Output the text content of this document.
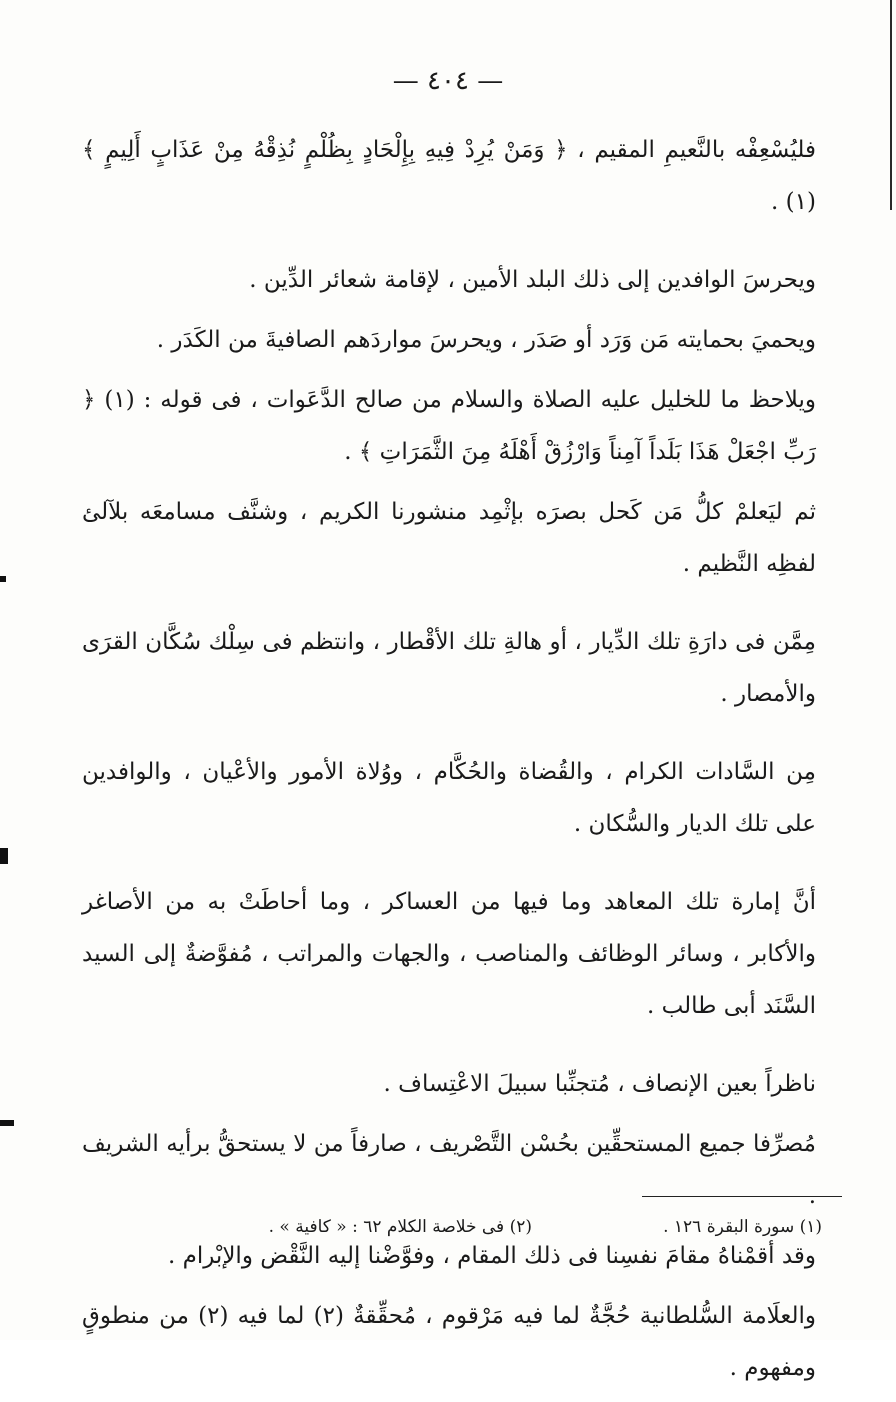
— ٤٠٤ —

فليُسْعِفْه بالنَّعيمِ المقيم ، ﴿ وَمَنْ يُرِدْ فِيهِ بِإِلْحَادٍ بِظُلْمٍ نُذِقْهُ مِنْ عَذَابٍ أَلِيمٍ ﴾ (١) .

ويحرسَ الوافدين إلى ذلك البلد الأمين ، لإقامة شعائر الدِّين .

ويحميَ بحمايته مَن وَرَد أو صَدَر ، ويحرسَ مواردَهم الصافيةَ من الكَدَر .

ويلاحظ ما للخليل عليه الصلاة والسلام من صالح الدَّعَوات ، فى قوله : (١) ﴿ رَبِّ اجْعَلْ هَذَا بَلَداً آمِناً وَارْزُقْ أَهْلَهُ مِنَ الثَّمَرَاتِ ﴾ .

ثم ليَعلمْ كلُّ مَن كَحل بصرَه بإثْمِد منشورنا الكريم ، وشنَّف مسامعَه بلآلئ لفظِه النَّظيم .

مِمَّن فى دارَةِ تلك الدِّيار ، أو هالةِ تلك الأقْطار ، وانتظم فى سِلْك سُكَّان القرَى والأمصار .

مِن السَّادات الكرام ، والقُضاة والحُكَّام ، ووُلاة الأمور والأعْيان ، والوافدين على تلك الديار والسُّكان .

أنَّ إمارة تلك المعاهد وما فيها من العساكر ، وما أحاطَتْ به من الأصاغر والأكابر ، وسائر الوظائف والمناصب ، والجهات والمراتب ، مُفوَّضةٌ إلى السيد السَّنَد أبى طالب .

ناظراً بعين الإنصاف ، مُتجنِّبا سبيلَ الاعْتِساف .

مُصرِّفا جميع المستحقِّين بحُسْن التَّصْريف ، صارفاً من لا يستحقُّ برأيه الشريف

وقد أقمْناهُ مقامَ نفسِنا فى ذلك المقام ، وفوَّضْنا إليه النَّقْض والإبْرام .

والعلَامة السُّلطانية حُجَّةٌ لما فيه مَرْقوم ، مُحقِّقةٌ (٢) لما فيه (٢) من منطوقٍ ومفهوم .

(١) سورة البقرة ١٢٦ .
(٢) فى خلاصة الكلام ٦٢ : « كافية » .
